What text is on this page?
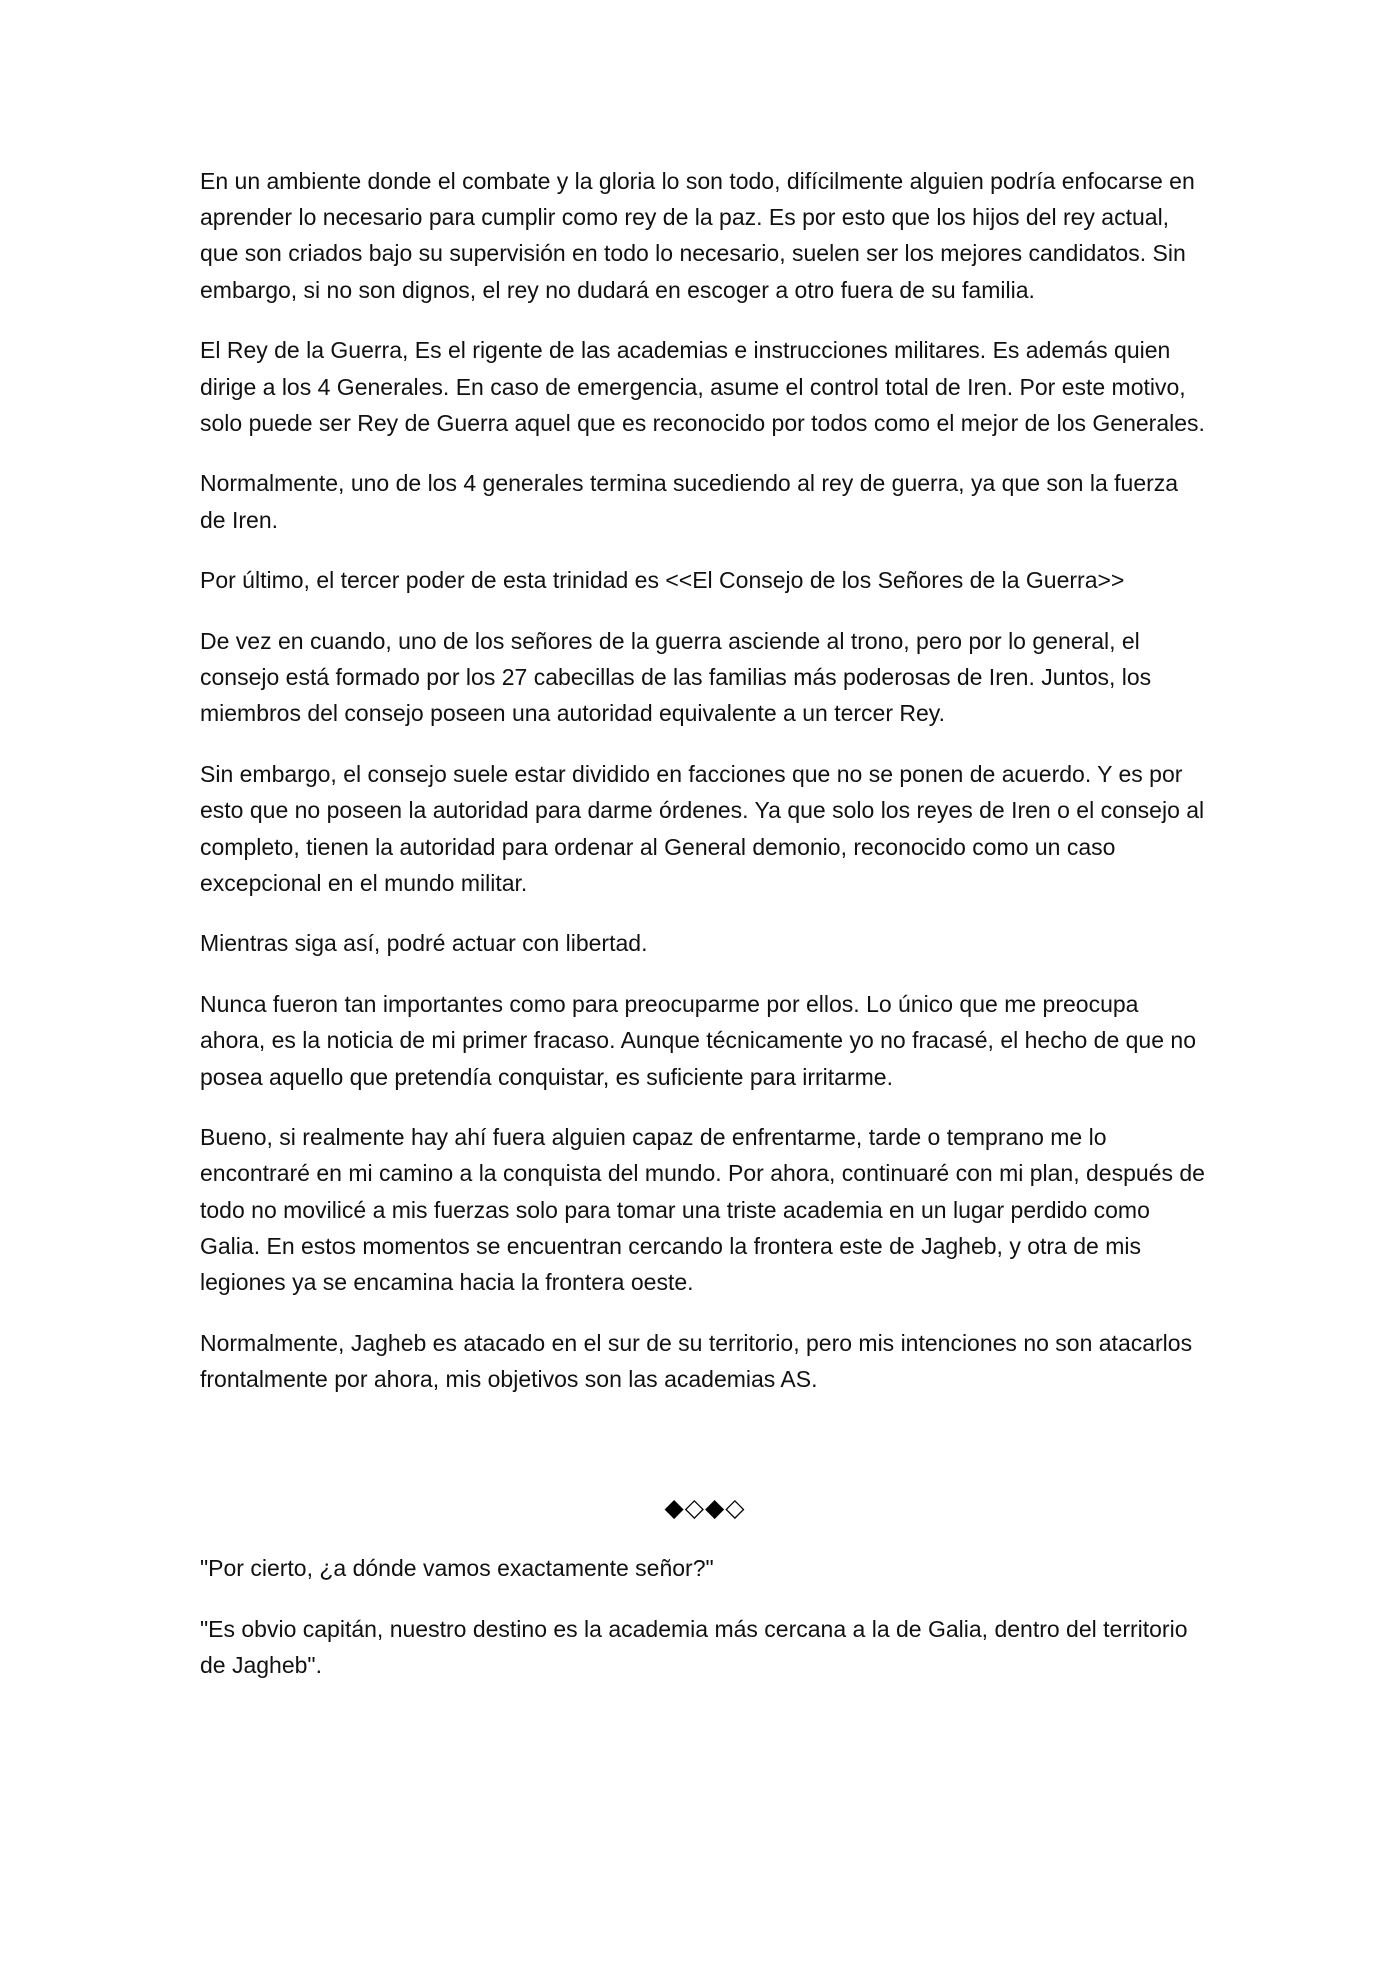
En un ambiente donde el combate y la gloria lo son todo, difícilmente alguien podría enfocarse en aprender lo necesario para cumplir como rey de la paz. Es por esto que los hijos del rey actual, que son criados bajo su supervisión en todo lo necesario, suelen ser los mejores candidatos. Sin embargo, si no son dignos, el rey no dudará en escoger a otro fuera de su familia.

El Rey de la Guerra, Es el rigente de las academias e instrucciones militares. Es además quien dirige a los 4 Generales. En caso de emergencia, asume el control total de Iren. Por este motivo, solo puede ser Rey de Guerra aquel que es reconocido por todos como el mejor de los Generales.

Normalmente, uno de los 4 generales termina sucediendo al rey de guerra, ya que son la fuerza de Iren.

Por último, el tercer poder de esta trinidad es <<El Consejo de los Señores de la Guerra>>

De vez en cuando, uno de los señores de la guerra asciende al trono, pero por lo general, el consejo está formado por los 27 cabecillas de las familias más poderosas de Iren. Juntos, los miembros del consejo poseen una autoridad equivalente a un tercer Rey.

Sin embargo, el consejo suele estar dividido en facciones que no se ponen de acuerdo. Y es por esto que no poseen la autoridad para darme órdenes. Ya que solo los reyes de Iren o el consejo al completo, tienen la autoridad para ordenar al General demonio, reconocido como un caso excepcional en el mundo militar.

Mientras siga así, podré actuar con libertad.

Nunca fueron tan importantes como para preocuparme por ellos. Lo único que me preocupa ahora, es la noticia de mi primer fracaso. Aunque técnicamente yo no fracasé, el hecho de que no posea aquello que pretendía conquistar, es suficiente para irritarme.

Bueno, si realmente hay ahí fuera alguien capaz de enfrentarme, tarde o temprano me lo encontraré en mi camino a la conquista del mundo. Por ahora, continuaré con mi plan, después de todo no movilicé a mis fuerzas solo para tomar una triste academia en un lugar perdido como Galia. En estos momentos se encuentran cercando la frontera este de Jagheb, y otra de mis legiones ya se encamina hacia la frontera oeste.

Normalmente, Jagheb es atacado en el sur de su territorio, pero mis intenciones no son atacarlos frontalmente por ahora, mis objetivos son las academias AS.

◆◇◆◇

"Por cierto, ¿a dónde vamos exactamente señor?"

"Es obvio capitán, nuestro destino es la academia más cercana a la de Galia, dentro del territorio de Jagheb".
